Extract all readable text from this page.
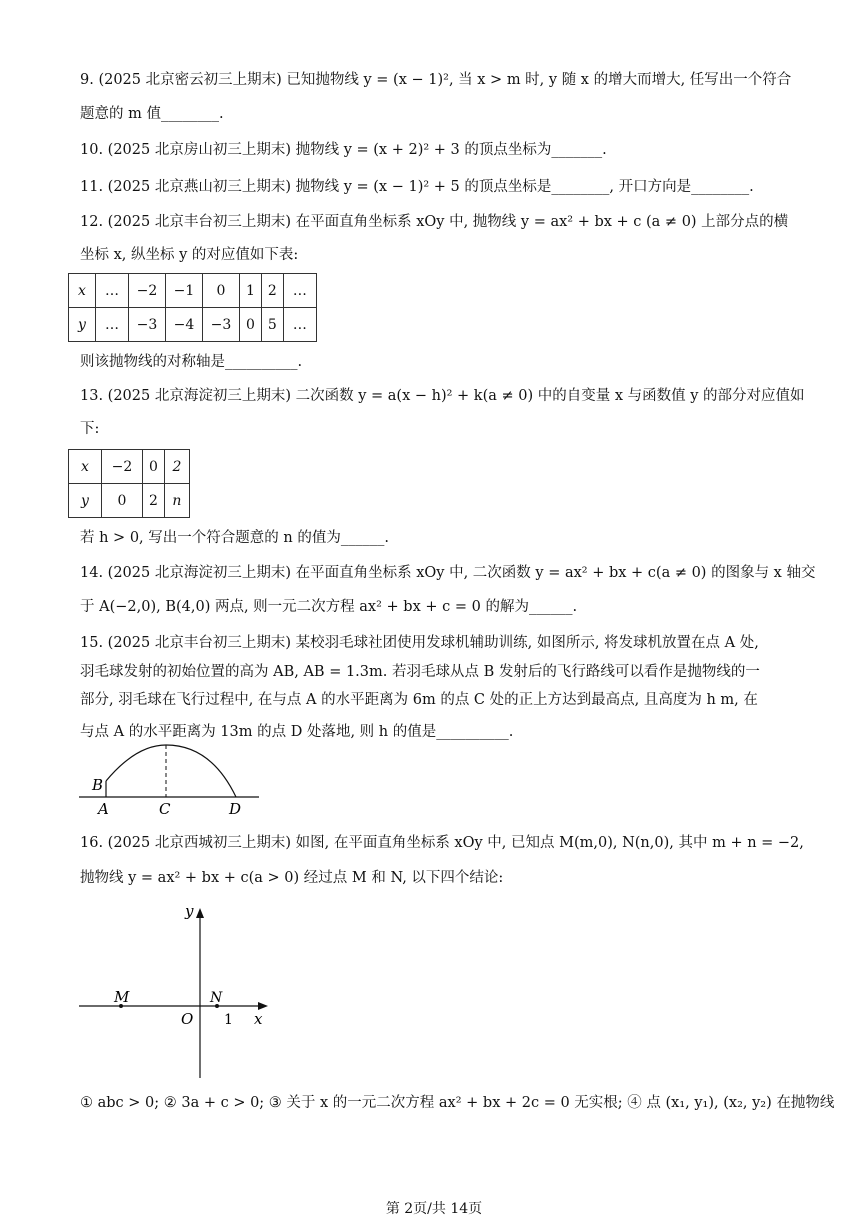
9. (2025 北京密云初三上期末) 已知抛物线 y = (x − 1)², 当 x > m 时, y 随 x 的增大而增大, 任写出一个符合
题意的 m 值________.
10. (2025 北京房山初三上期末) 抛物线 y = (x + 2)² + 3 的顶点坐标为_______.
11. (2025 北京燕山初三上期末) 抛物线 y = (x − 1)² + 5 的顶点坐标是________, 开口方向是________.
12. (2025 北京丰台初三上期末) 在平面直角坐标系 xOy 中, 抛物线 y = ax² + bx + c (a ≠ 0) 上部分点的横
坐标 x, 纵坐标 y 的对应值如下表:
x	…	−2	−1	0	1	2	…
y	…	−3	−4	−3	0	5	…
则该抛物线的对称轴是__________.
13. (2025 北京海淀初三上期末) 二次函数 y = a(x − h)² + k(a ≠ 0) 中的自变量 x 与函数值 y 的部分对应值如
下:
x	−2	0	2
y	0	2	n
若 h > 0, 写出一个符合题意的 n 的值为______.
14. (2025 北京海淀初三上期末) 在平面直角坐标系 xOy 中, 二次函数 y = ax² + bx + c(a ≠ 0) 的图象与 x 轴交
于 A(−2,0), B(4,0) 两点, 则一元二次方程 ax² + bx + c = 0 的解为______.
15. (2025 北京丰台初三上期末) 某校羽毛球社团使用发球机辅助训练, 如图所示, 将发球机放置在点 A 处,
羽毛球发射的初始位置的高为 AB, AB = 1.3m. 若羽毛球从点 B 发射后的飞行路线可以看作是抛物线的一
部分, 羽毛球在飞行过程中, 在与点 A 的水平距离为 6m 的点 C 处的正上方达到最高点, 且高度为 h m, 在
与点 A 的水平距离为 13m 的点 D 处落地, 则 h 的值是__________.
B
A	C	D
16. (2025 北京西城初三上期末) 如图, 在平面直角坐标系 xOy 中, 已知点 M(m,0), N(n,0), 其中 m + n = −2,
抛物线 y = ax² + bx + c(a > 0) 经过点 M 和 N, 以下四个结论:
y
x
O
M	N
1
① abc > 0; ② 3a + c > 0; ③ 关于 x 的一元二次方程 ax² + bx + 2c = 0 无实根; ④ 点 (x₁, y₁), (x₂, y₂) 在抛物线
第 2页/共 14页
